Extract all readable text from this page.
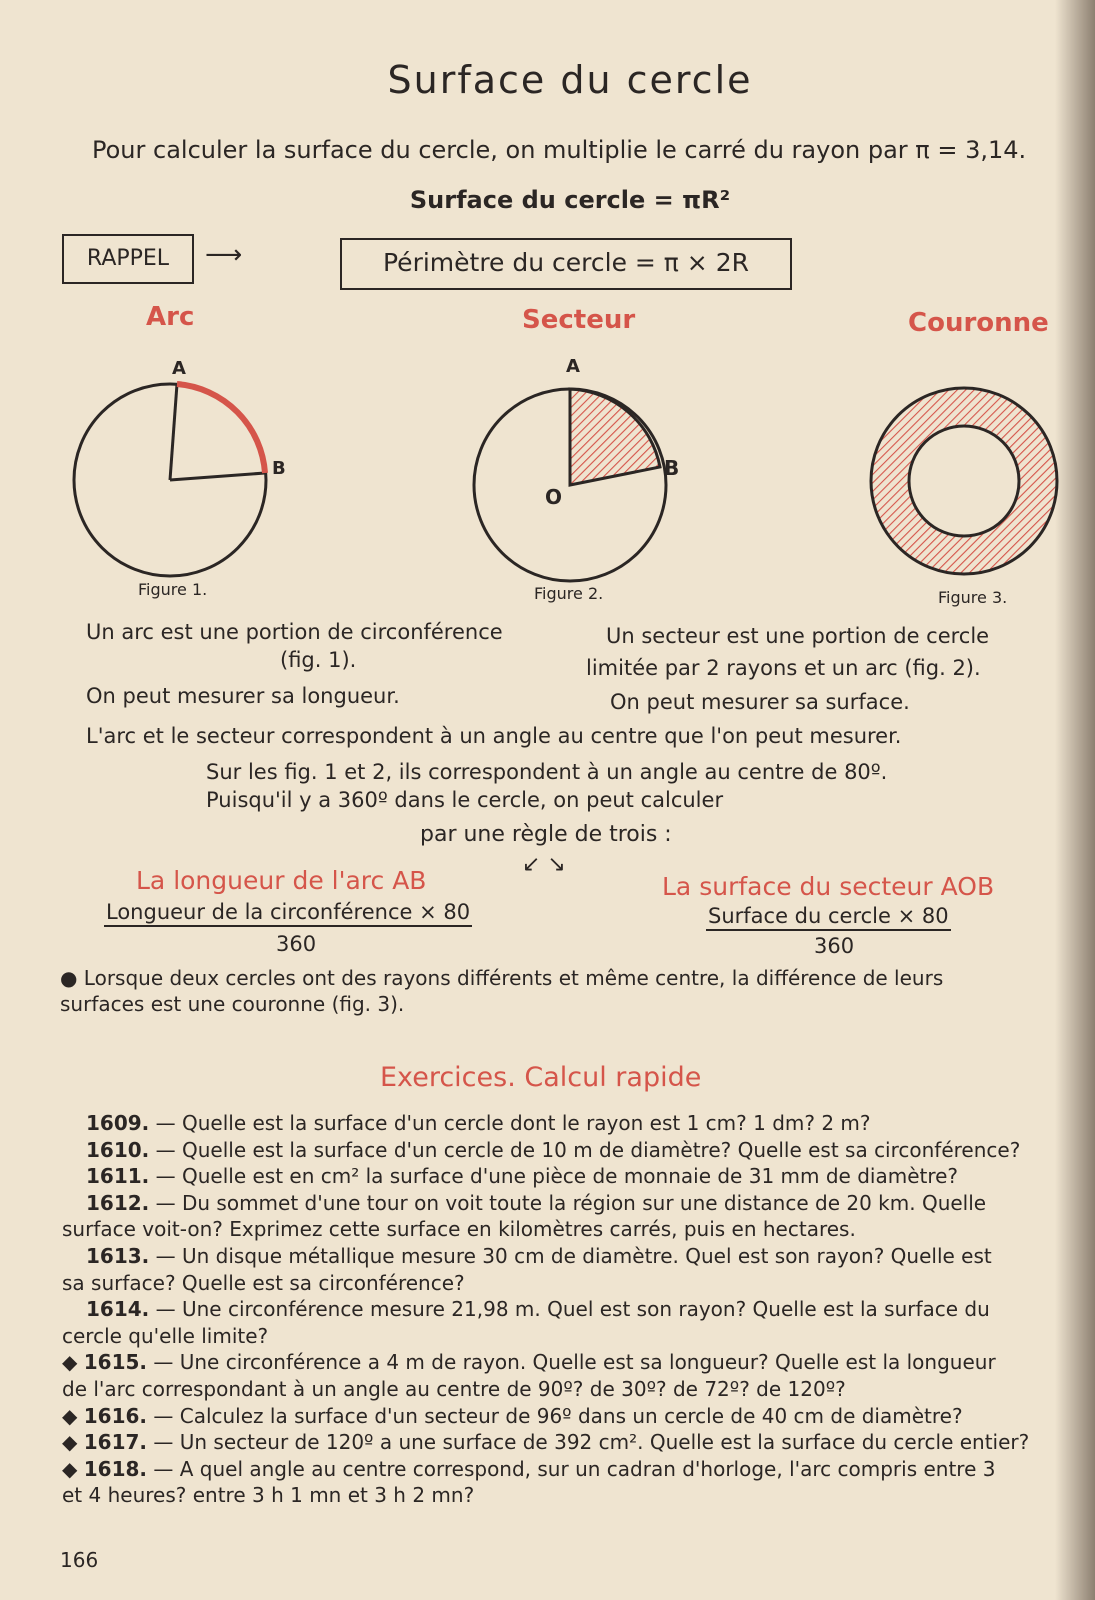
Surface du cercle
Pour calculer la surface du cercle, on multiplie le carré du rayon par π = 3,14.
Surface du cercle = πR²
RAPPEL	⟶	Périmètre du cercle = π × 2R
Arc	Secteur	Couronne
A
B
Figure 1.
A
B
O
Figure 2.	Figure 3.
Un arc est une portion de circonférence
(fig. 1).
On peut mesurer sa longueur.
Un secteur est une portion de cercle
limitée par 2 rayons et un arc (fig. 2).
On peut mesurer sa surface.
L'arc et le secteur correspondent à un angle au centre que l'on peut mesurer.
Sur les fig. 1 et 2, ils correspondent à un angle au centre de 80º.
Puisqu'il y a 360º dans le cercle, on peut calculer
par une règle de trois :
↙ ↘
La longueur de l'arc AB
Longueur de la circonférence × 80
360
La surface du secteur AOB
Surface du cercle × 80
360
● Lorsque deux cercles ont des rayons différents et même centre, la différence de leurs
surfaces est une couronne (fig. 3).
Exercices. Calcul rapide
1609. — Quelle est la surface d'un cercle dont le rayon est 1 cm? 1 dm? 2 m?
1610. — Quelle est la surface d'un cercle de 10 m de diamètre? Quelle est sa circonférence?
1611. — Quelle est en cm² la surface d'une pièce de monnaie de 31 mm de diamètre?
1612. — Du sommet d'une tour on voit toute la région sur une distance de 20 km. Quelle
surface voit-on? Exprimez cette surface en kilomètres carrés, puis en hectares.
1613. — Un disque métallique mesure 30 cm de diamètre. Quel est son rayon? Quelle est
sa surface? Quelle est sa circonférence?
1614. — Une circonférence mesure 21,98 m. Quel est son rayon? Quelle est la surface du
cercle qu'elle limite?
◆ 1615. — Une circonférence a 4 m de rayon. Quelle est sa longueur? Quelle est la longueur
de l'arc correspondant à un angle au centre de 90º? de 30º? de 72º? de 120º?
◆ 1616. — Calculez la surface d'un secteur de 96º dans un cercle de 40 cm de diamètre?
◆ 1617. — Un secteur de 120º a une surface de 392 cm². Quelle est la surface du cercle entier?
◆ 1618. — A quel angle au centre correspond, sur un cadran d'horloge, l'arc compris entre 3
et 4 heures? entre 3 h 1 mn et 3 h 2 mn?
166
